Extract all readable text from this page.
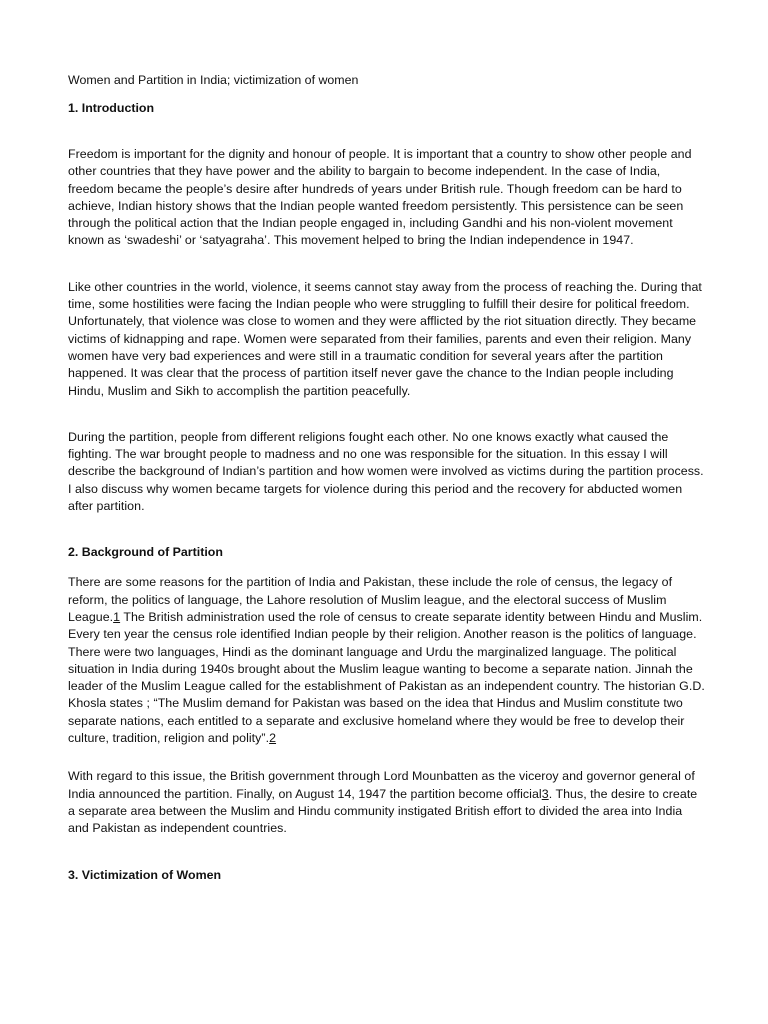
Women and Partition in India; victimization of women

1. Introduction

Freedom is important for the dignity and honour of people. It is important that a country to show other people and other countries that they have power and the ability to bargain to become independent. In the case of India, freedom became the people’s desire after hundreds of years under British rule. Though freedom can be hard to achieve, Indian history shows that the Indian people wanted freedom persistently. This persistence can be seen through the political action that the Indian people engaged in, including Gandhi and his non-violent movement known as ‘swadeshi’ or ‘satyagraha’. This movement helped to bring the Indian independence in 1947.

Like other countries in the world, violence, it seems cannot stay away from the process of reaching the. During that time, some hostilities were facing the Indian people who were struggling to fulfill their desire for political freedom. Unfortunately, that violence was close to women and they were afflicted by the riot situation directly. They became victims of kidnapping and rape. Women were separated from their families, parents and even their religion. Many women have very bad experiences and were still in a traumatic condition for several years after the partition happened. It was clear that the process of partition itself never gave the chance to the Indian people including Hindu, Muslim and Sikh to accomplish the partition peacefully.

During the partition, people from different religions fought each other. No one knows exactly what caused the fighting. The war brought people to madness and no one was responsible for the situation. In this essay I will describe the background of Indian’s partition and how women were involved as victims during the partition process. I also discuss why women became targets for violence during this period and the recovery for abducted women after partition.

2. Background of Partition

There are some reasons for the partition of India and Pakistan, these include the role of census, the legacy of reform, the politics of language, the Lahore resolution of Muslim league, and the electoral success of Muslim League.1 The British administration used the role of census to create separate identity between Hindu and Muslim. Every ten year the census role identified Indian people by their religion. Another reason is the politics of language. There were two languages, Hindi as the dominant language and Urdu the marginalized language. The political situation in India during 1940s brought about the Muslim league wanting to become a separate nation. Jinnah the leader of the Muslim League called for the establishment of Pakistan as an independent country. The historian G.D. Khosla states ; “The Muslim demand for Pakistan was based on the idea that Hindus and Muslim constitute two separate nations, each entitled to a separate and exclusive homeland where they would be free to develop their culture, tradition, religion and polity”.2

With regard to this issue, the British government through Lord Mounbatten as the viceroy and governor general of India announced the partition. Finally, on August 14, 1947 the partition become official3. Thus, the desire to create a separate area between the Muslim and Hindu community instigated British effort to divided the area into India and Pakistan as independent countries.

3. Victimization of Women
